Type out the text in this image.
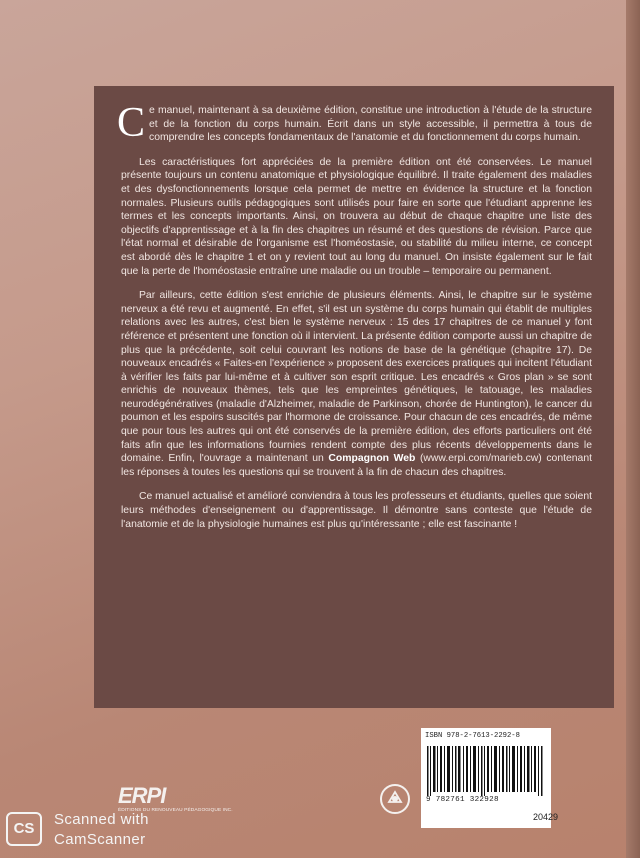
Ce manuel, maintenant à sa deuxième édition, constitue une introduction à l'étude de la structure et de la fonction du corps humain. Écrit dans un style accessible, il permettra à tous de comprendre les concepts fondamentaux de l'anatomie et du fonctionnement du corps humain.

Les caractéristiques fort appréciées de la première édition ont été conservées. Le manuel présente toujours un contenu anatomique et physiologique équilibré. Il traite également des maladies et des dysfonctionnements lorsque cela permet de mettre en évidence la structure et la fonction normales. Plusieurs outils pédagogiques sont utilisés pour faire en sorte que l'étudiant apprenne les termes et les concepts importants. Ainsi, on trouvera au début de chaque chapitre une liste des objectifs d'apprentissage et à la fin des chapitres un résumé et des questions de révision. Parce que l'état normal et désirable de l'organisme est l'homéostasie, ou stabilité du milieu interne, ce concept est abordé dès le chapitre 1 et on y revient tout au long du manuel. On insiste également sur le fait que la perte de l'homéostasie entraîne une maladie ou un trouble – temporaire ou permanent.

Par ailleurs, cette édition s'est enrichie de plusieurs éléments. Ainsi, le chapitre sur le système nerveux a été revu et augmenté. En effet, s'il est un système du corps humain qui établit de multiples relations avec les autres, c'est bien le système nerveux : 15 des 17 chapitres de ce manuel y font référence et présentent une fonction où il intervient. La présente édition comporte aussi un chapitre de plus que la précédente, soit celui couvrant les notions de base de la génétique (chapitre 17). De nouveaux encadrés « Faites-en l'expérience » proposent des exercices pratiques qui incitent l'étudiant à vérifier les faits par lui-même et à cultiver son esprit critique. Les encadrés « Gros plan » se sont enrichis de nouveaux thèmes, tels que les empreintes génétiques, le tatouage, les maladies neurodégénératives (maladie d'Alzheimer, maladie de Parkinson, chorée de Huntington), le cancer du poumon et les espoirs suscités par l'hormone de croissance. Pour chacun de ces encadrés, de même que pour tous les autres qui ont été conservés de la première édition, des efforts particuliers ont été faits afin que les informations fournies rendent compte des plus récents développements dans le domaine. Enfin, l'ouvrage a maintenant un Compagnon Web (www.erpi.com/marieb.cw) contenant les réponses à toutes les questions qui se trouvent à la fin de chacun des chapitres.

Ce manuel actualisé et amélioré conviendra à tous les professeurs et étudiants, quelles que soient leurs méthodes d'enseignement ou d'apprentissage. Il démontre sans conteste que l'étude de l'anatomie et de la physiologie humaines est plus qu'intéressante ; elle est fascinante !

ERPI
ÉDITIONS DU RENOUVEAU PÉDAGOGIQUE INC.
ISBN 978-2-7613-2292-8
9 782761 322928
20429
CS
Scanned with
CamScanner
